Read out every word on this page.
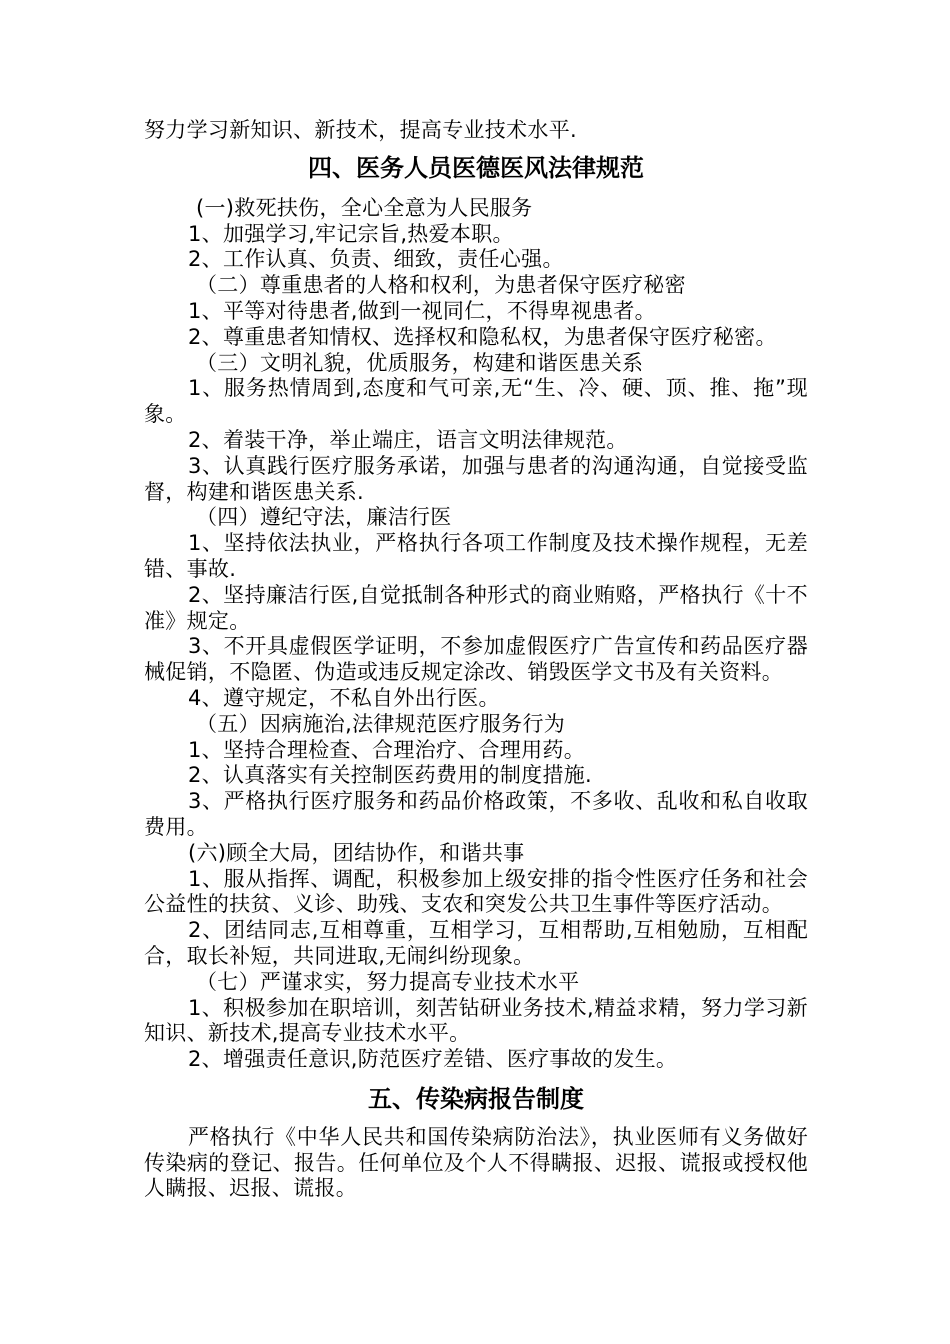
努力学习新知识、新技术，提高专业技术水平.

四、医务人员医德医风法律规范

(一)救死扶伤，全心全意为人民服务

1、加强学习,牢记宗旨,热爱本职。

2、工作认真、负责、细致，责任心强。

（二）尊重患者的人格和权利，为患者保守医疗秘密

1、平等对待患者,做到一视同仁，不得卑视患者。

2、尊重患者知情权、选择权和隐私权，为患者保守医疗秘密。

（三）文明礼貌，优质服务，构建和谐医患关系

1、服务热情周到,态度和气可亲,无“生、冷、硬、顶、推、拖”现象。

2、着装干净，举止端庄，语言文明法律规范。

3、认真践行医疗服务承诺，加强与患者的沟通沟通，自觉接受监督，构建和谐医患关系.

（四）遵纪守法，廉洁行医

1、坚持依法执业，严格执行各项工作制度及技术操作规程，无差错、事故.

2、坚持廉洁行医,自觉抵制各种形式的商业贿赂，严格执行《十不准》规定。

3、不开具虚假医学证明，不参加虚假医疗广告宣传和药品医疗器械促销，不隐匿、伪造或违反规定涂改、销毁医学文书及有关资料。

4、遵守规定，不私自外出行医。

（五）因病施治,法律规范医疗服务行为

1、坚持合理检查、合理治疗、合理用药。

2、认真落实有关控制医药费用的制度措施.

3、严格执行医疗服务和药品价格政策，不多收、乱收和私自收取费用。

(六)顾全大局，团结协作，和谐共事

1、服从指挥、调配，积极参加上级安排的指令性医疗任务和社会公益性的扶贫、义诊、助残、支农和突发公共卫生事件等医疗活动。

2、团结同志,互相尊重，互相学习，互相帮助,互相勉励，互相配合，取长补短，共同进取,无闹纠纷现象。

（七）严谨求实，努力提高专业技术水平

1、积极参加在职培训，刻苦钻研业务技术,精益求精，努力学习新知识、新技术,提高专业技术水平。

2、增强责任意识,防范医疗差错、医疗事故的发生。

五、传染病报告制度

严格执行《中华人民共和国传染病防治法》，执业医师有义务做好传染病的登记、报告。任何单位及个人不得瞒报、迟报、谎报或授权他人瞒报、迟报、谎报。
